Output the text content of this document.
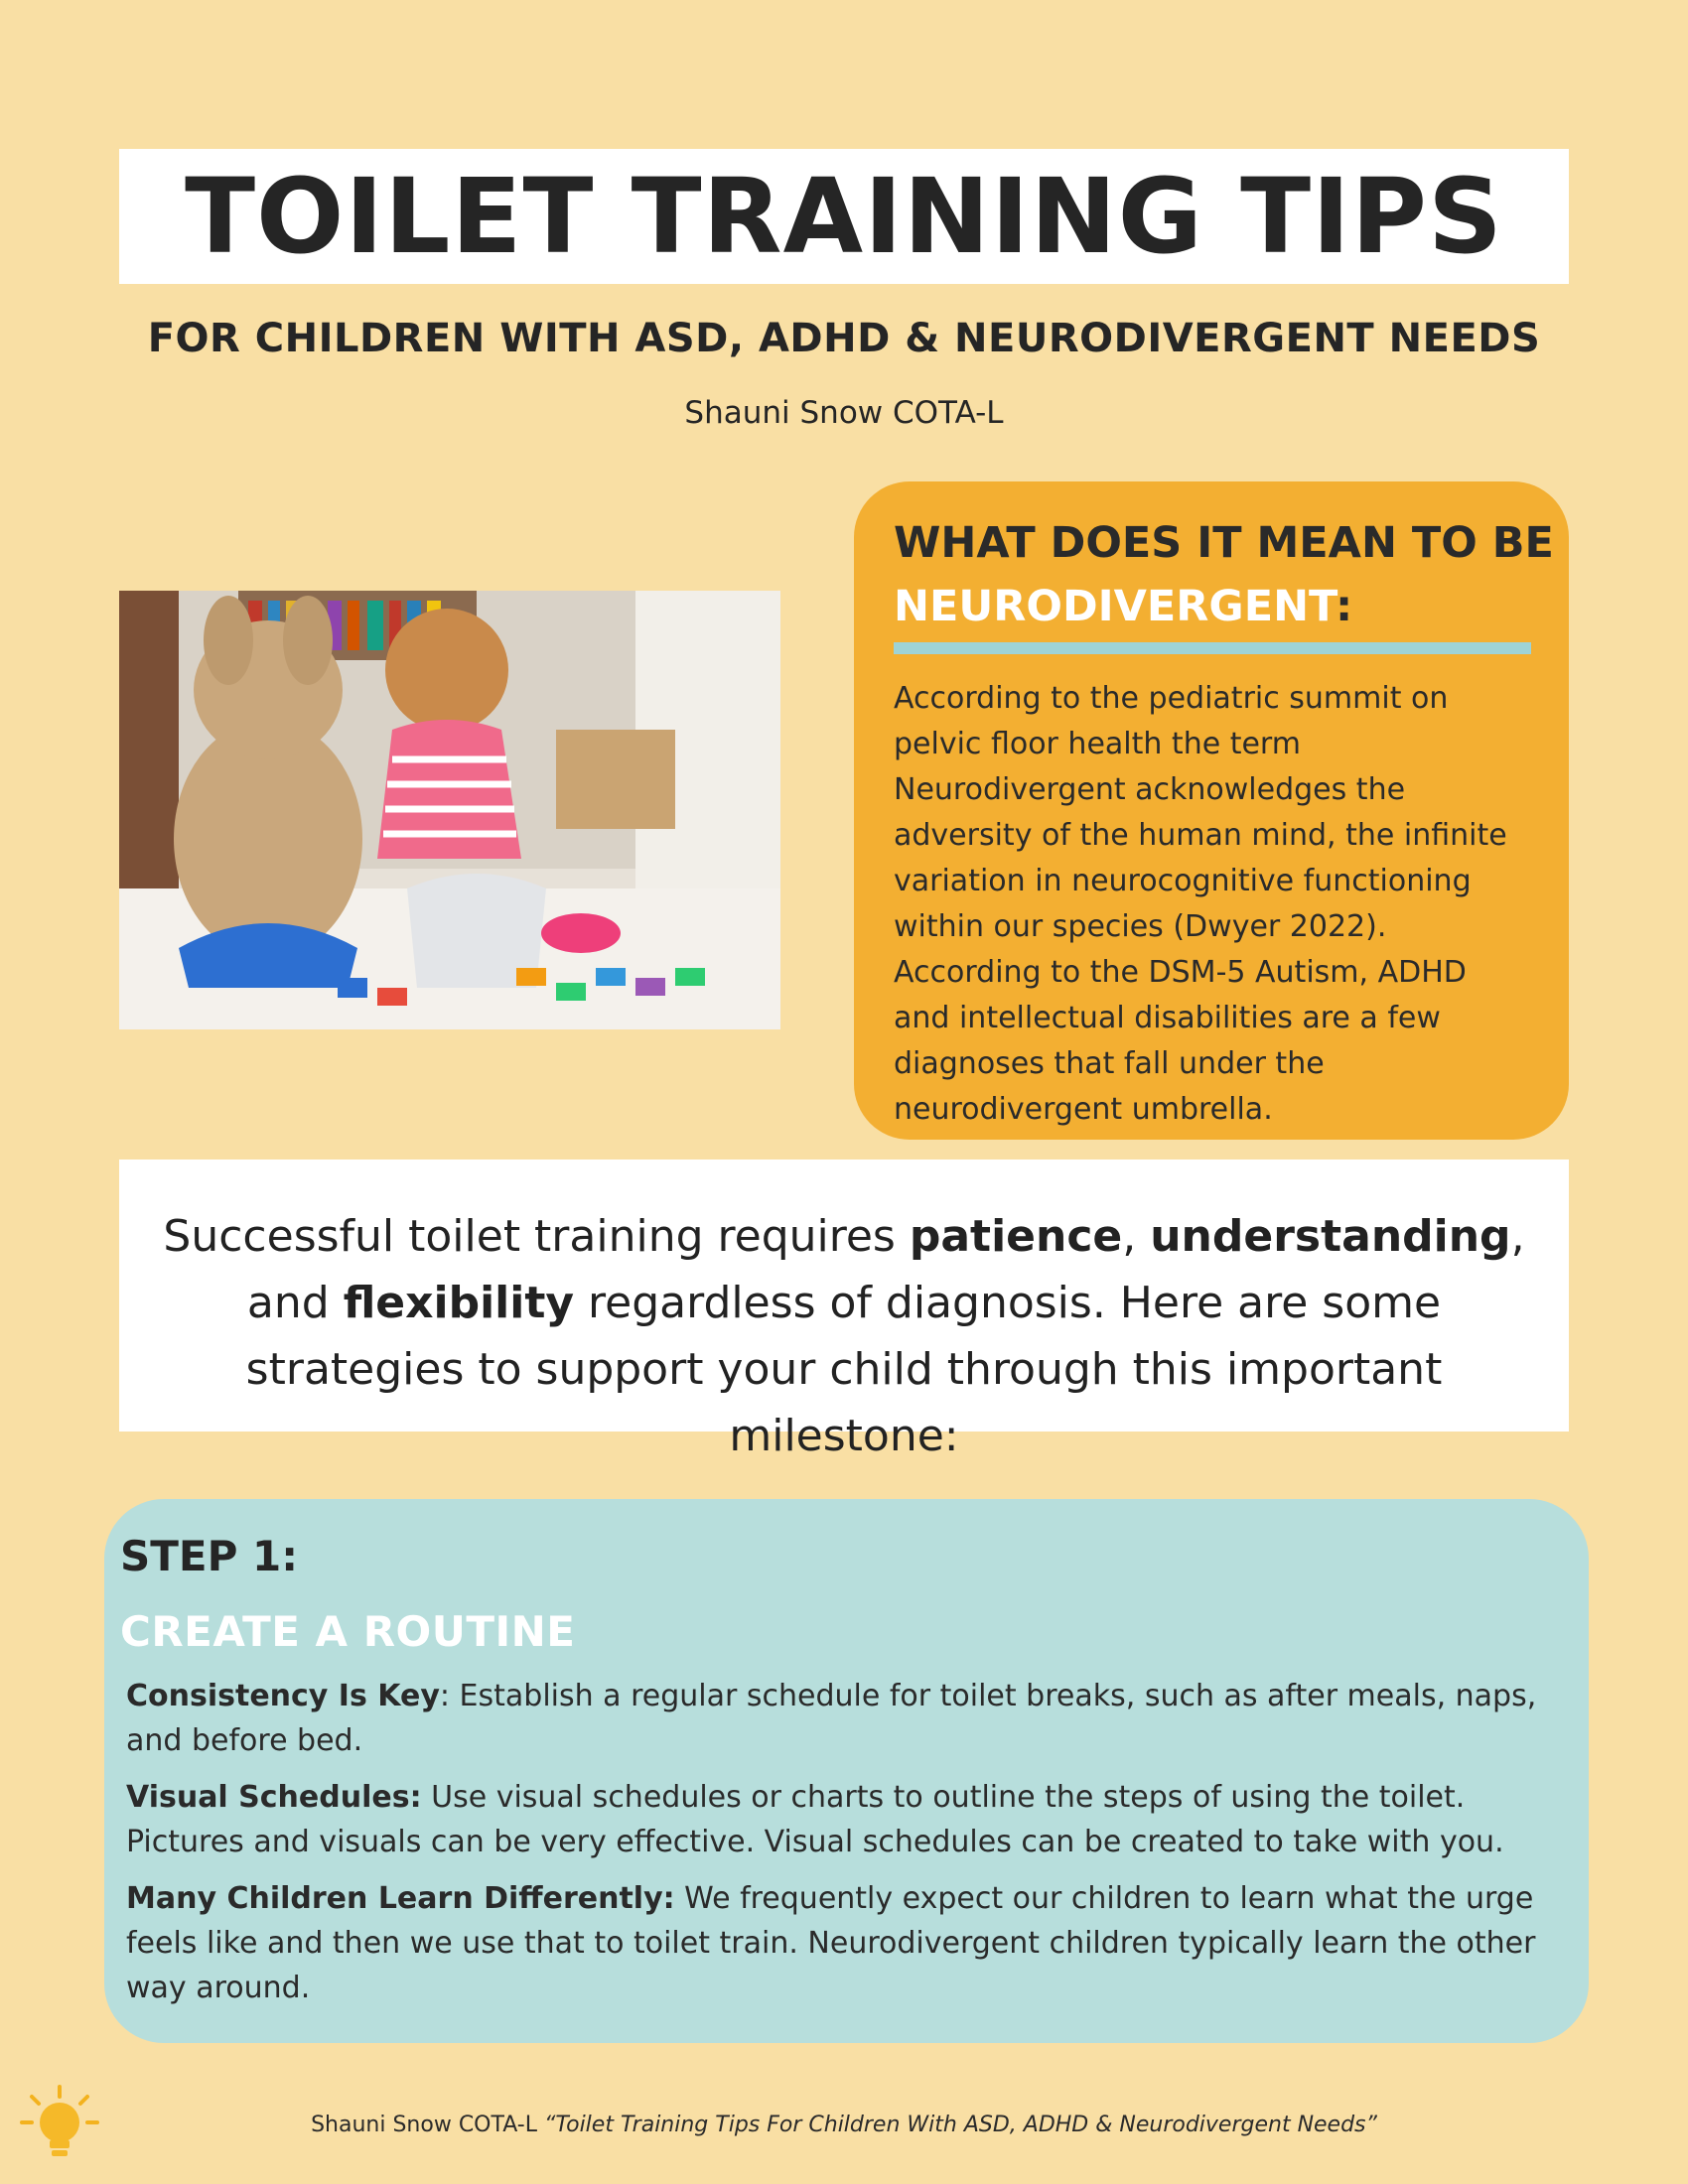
TOILET TRAINING TIPS
FOR CHILDREN WITH ASD, ADHD & NEURODIVERGENT NEEDS
Shauni Snow COTA-L
WHAT DOES IT MEAN TO BE
NEURODIVERGENT:

According to the pediatric summit on pelvic floor health the term Neurodivergent acknowledges the adversity of the human mind, the infinite variation in neurocognitive functioning within our species (Dwyer 2022). According to the DSM-5 Autism, ADHD and intellectual disabilities are a few diagnoses that fall under the neurodivergent umbrella.

Successful toilet training requires patience, understanding, and flexibility regardless of diagnosis. Here are some strategies to support your child through this important milestone:
STEP 1:
CREATE A ROUTINE

Consistency Is Key: Establish a regular schedule for toilet breaks, such as after meals, naps, and before bed.

Visual Schedules: Use visual schedules or charts to outline the steps of using the toilet. Pictures and visuals can be very effective. Visual schedules can be created to take with you.

Many Children Learn Differently: We frequently expect our children to learn what the urge feels like and then we use that to toilet train. Neurodivergent children typically learn the other way around.

Shauni Snow COTA-L “Toilet Training Tips For Children With ASD, ADHD & Neurodivergent Needs”
